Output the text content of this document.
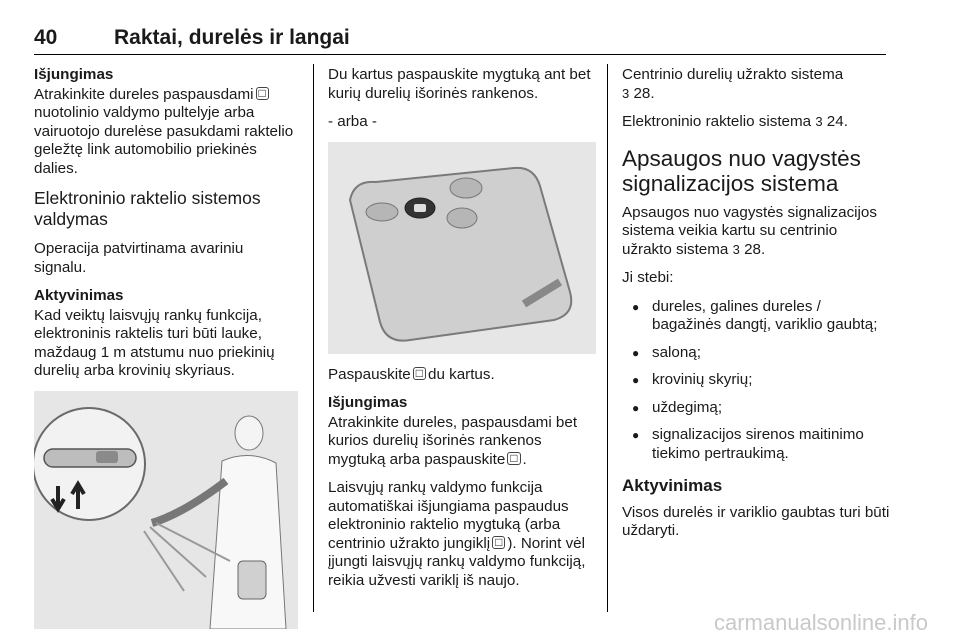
40	Raktai, durelės ir langai

Išjungimas

Atrakinkite dureles paspausdami □nuotolinio valdymo pultelyje arba vairuotojo durelėse pasukdami raktelio geležtę link automobilio priekinės dalies.

Elektroninio raktelio sistemos valdymas

Operacija patvirtinama avariniu signalu.

Aktyvinimas

Kad veiktų laisvųjų rankų funkcija, elektroninis raktelis turi būti lauke, maždaug 1 m atstumu nuo priekinių durelių arba krovinių skyriaus.

Du kartus paspauskite mygtuką ant bet kurių durelių išorinės rankenos.

- arba -

Paspauskite □ du kartus.

Išjungimas

Atrakinkite dureles, paspausdami bet kurios durelių išorinės rankenos mygtuką arba paspauskite □ .

Laisvųjų rankų valdymo funkcija automatiškai išjungiama paspaudus elektroninio raktelio mygtuką (arba centrinio užrakto jungiklį □ ). Norint vėl įjungti laisvųjų rankų valdymo funkciją, reikia užvesti variklį iš naujo.

Centrinio durelių užrakto sistema
3 28.

Elektroninio raktelio sistema 3 24.

Apsaugos nuo vagystės signalizacijos sistema

Apsaugos nuo vagystės signalizacijos sistema veikia kartu su centrinio užrakto sistema 3 28.

Ji stebi:

● dureles, galines dureles / bagažinės dangtį, variklio gaubtą;
● saloną;
● krovinių skyrių;
● uždegimą;
● signalizacijos sirenos maitinimo tiekimo pertraukimą.

Aktyvinimas

Visos durelės ir variklio gaubtas turi būti uždaryti.

carmanualsonline.info
